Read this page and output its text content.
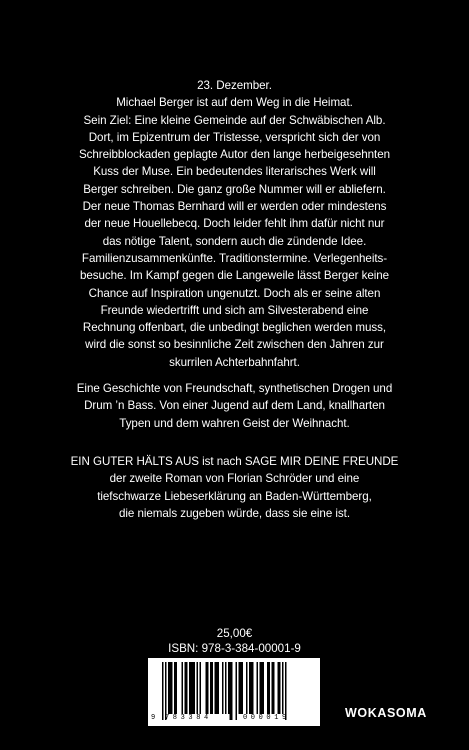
23. Dezember.
Michael Berger ist auf dem Weg in die Heimat.
Sein Ziel: Eine kleine Gemeinde auf der Schwäbischen Alb.
Dort, im Epizentrum der Tristesse, verspricht sich der von
Schreibblockaden geplagte Autor den lange herbeigesehnten
Kuss der Muse. Ein bedeutendes literarisches Werk will
Berger schreiben. Die ganz große Nummer will er abliefern.
Der neue Thomas Bernhard will er werden oder mindestens
der neue Houellebecq. Doch leider fehlt ihm dafür nicht nur
das nötige Talent, sondern auch die zündende Idee.
Familienzusammenkünfte. Traditionstermine. Verlegenheits-
besuche. Im Kampf gegen die Langeweile lässt Berger keine
Chance auf Inspiration ungenutzt. Doch als er seine alten
Freunde wiedertrifft und sich am Silvesterabend eine
Rechnung offenbart, die unbedingt beglichen werden muss,
wird die sonst so besinnliche Zeit zwischen den Jahren zur
skurrilen Achterbahnfahrt.
Eine Geschichte von Freundschaft, synthetischen Drogen und
Drum ’n Bass. Von einer Jugend auf dem Land, knallharten
Typen und dem wahren Geist der Weihnacht.
EIN GUTER HÄLTS AUS ist nach SAGE MIR DEINE FREUNDE
der zweite Roman von Florian Schröder und eine
tiefschwarze Liebeserklärung an Baden-Württemberg,
die niemals zugeben würde, dass sie eine ist.
25,00€
ISBN: 978-3-384-00001-9
9 783384	000019	WOKASOMA
